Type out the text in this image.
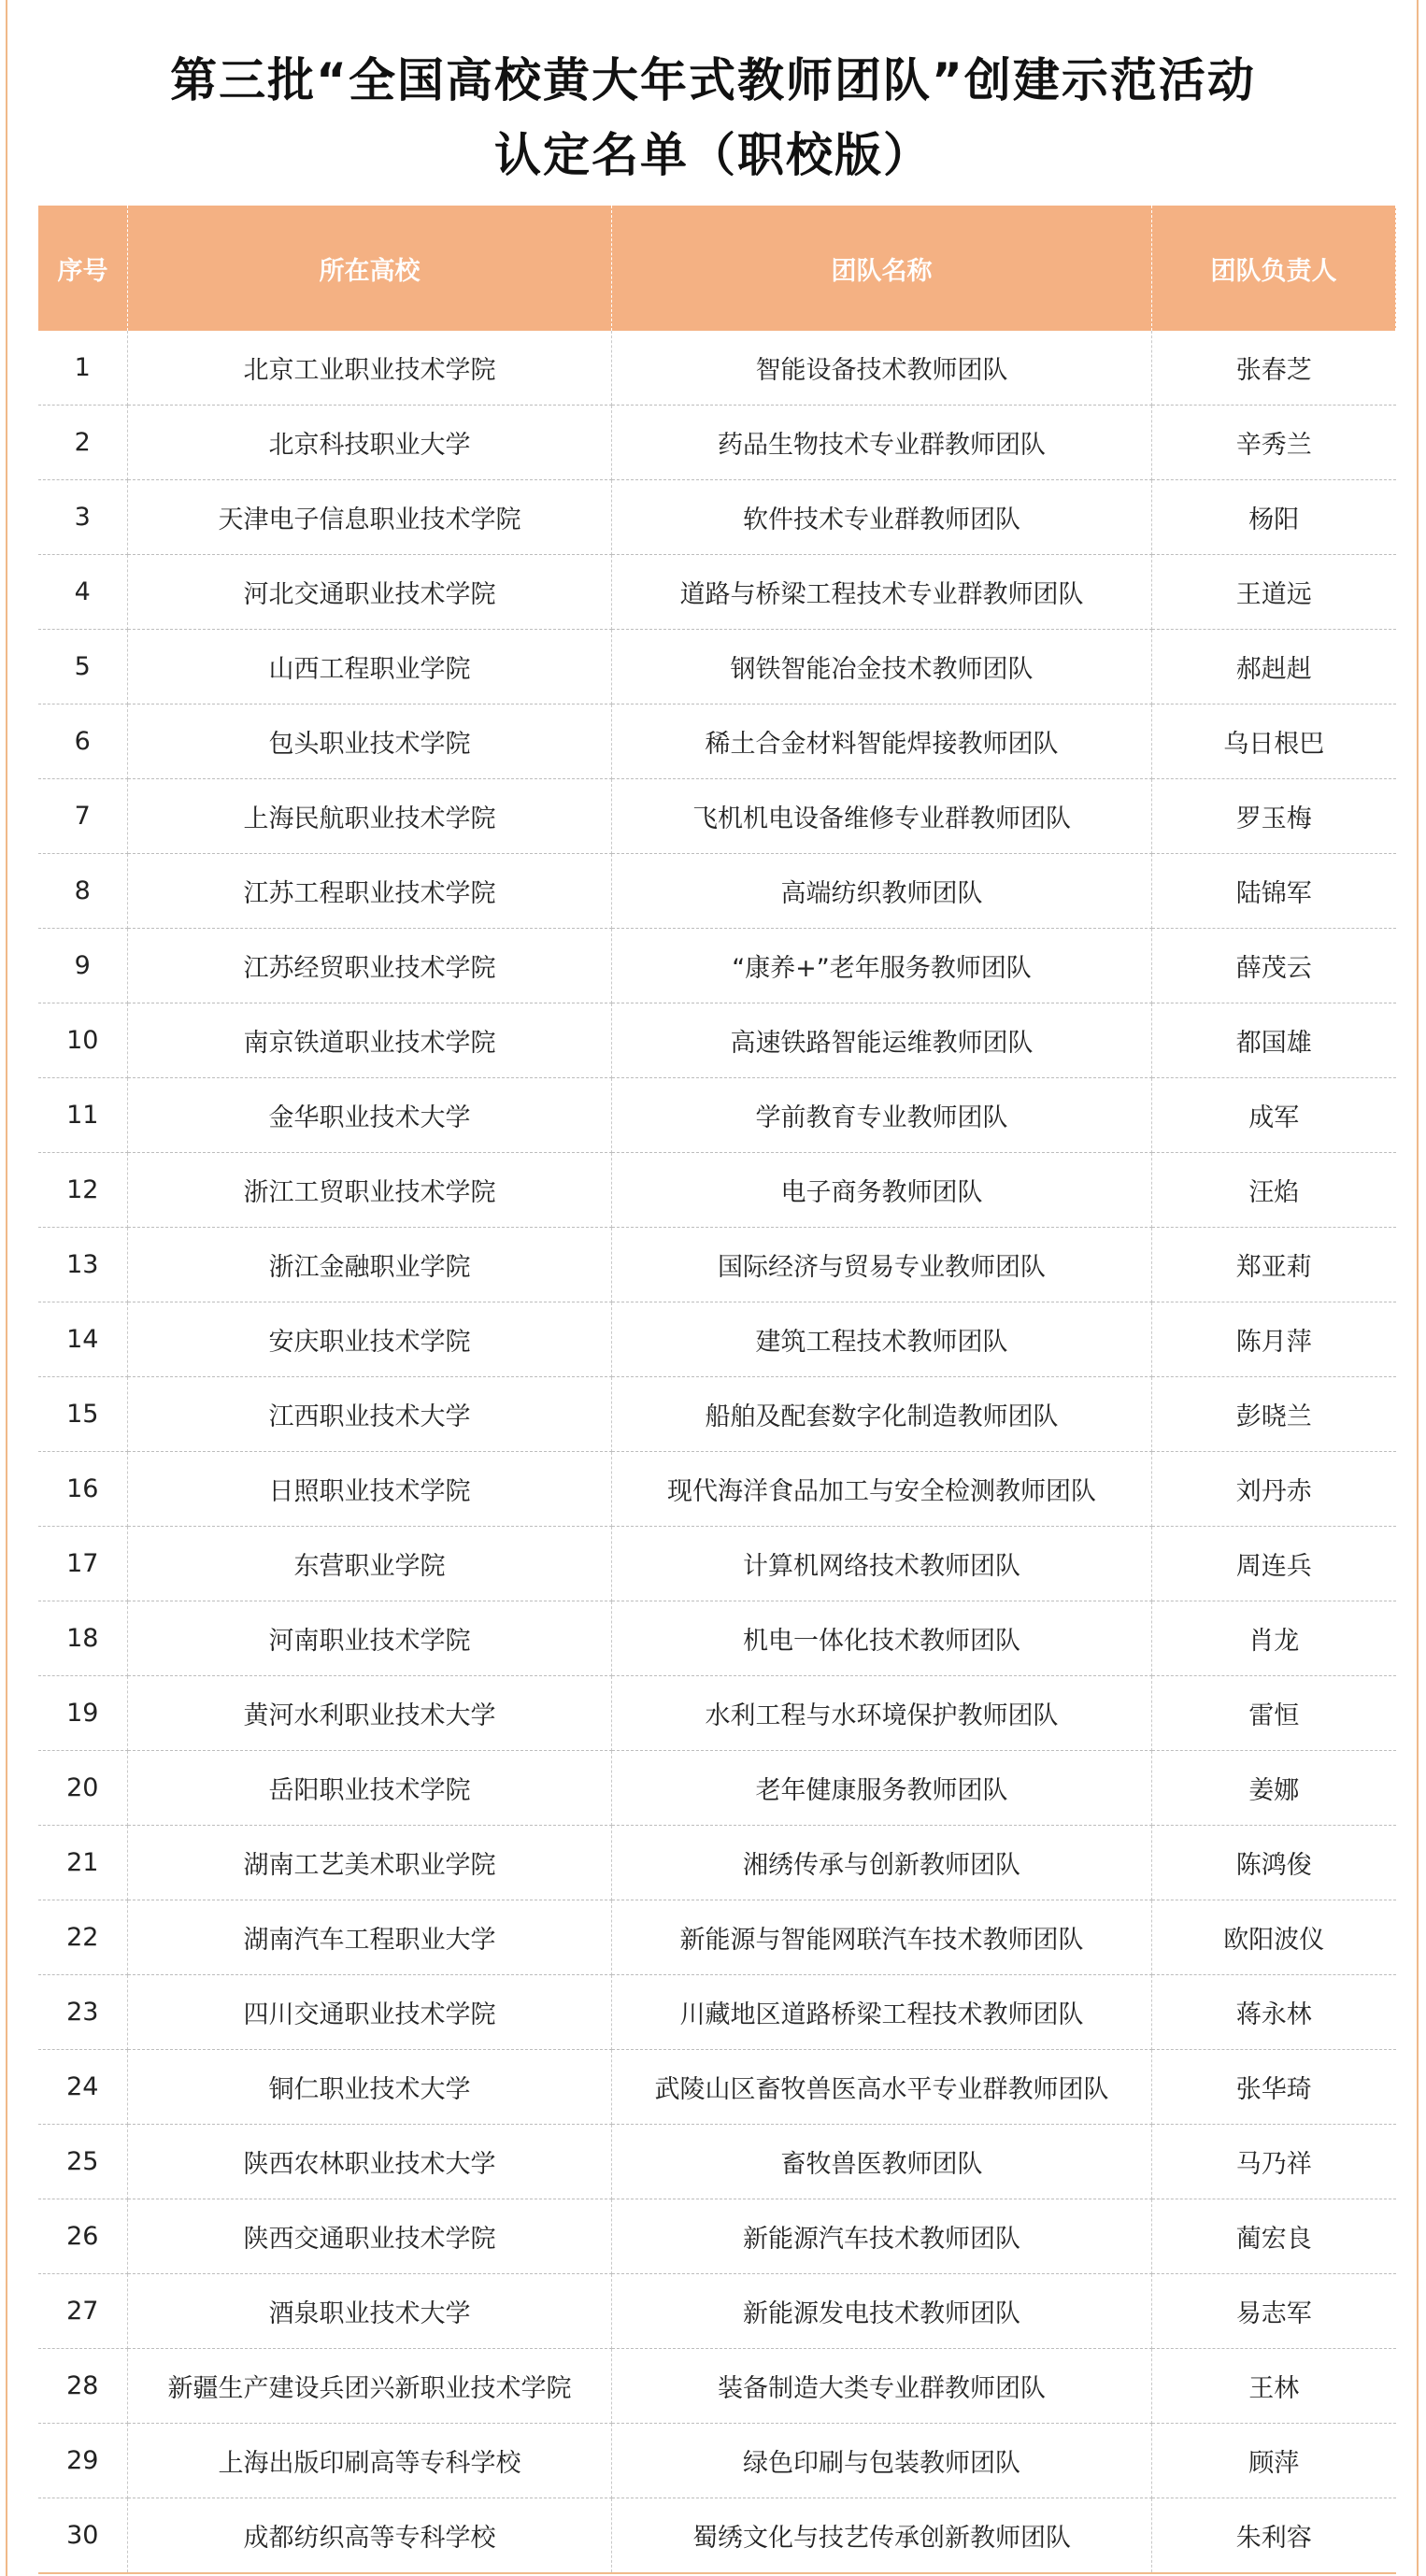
第三批“全国高校黄大年式教师团队”创建示范活动
认定名单（职校版）
序号	所在高校	团队名称	团队负责人
1	北京工业职业技术学院	智能设备技术教师团队	张春芝
2	北京科技职业大学	药品生物技术专业群教师团队	辛秀兰
3	天津电子信息职业技术学院	软件技术专业群教师团队	杨阳
4	河北交通职业技术学院	道路与桥梁工程技术专业群教师团队	王道远
5	山西工程职业学院	钢铁智能冶金技术教师团队	郝赳赳
6	包头职业技术学院	稀土合金材料智能焊接教师团队	乌日根巴
7	上海民航职业技术学院	飞机机电设备维修专业群教师团队	罗玉梅
8	江苏工程职业技术学院	高端纺织教师团队	陆锦军
9	江苏经贸职业技术学院	“康养+”老年服务教师团队	薛茂云
10	南京铁道职业技术学院	高速铁路智能运维教师团队	都国雄
11	金华职业技术大学	学前教育专业教师团队	成军
12	浙江工贸职业技术学院	电子商务教师团队	汪焰
13	浙江金融职业学院	国际经济与贸易专业教师团队	郑亚莉
14	安庆职业技术学院	建筑工程技术教师团队	陈月萍
15	江西职业技术大学	船舶及配套数字化制造教师团队	彭晓兰
16	日照职业技术学院	现代海洋食品加工与安全检测教师团队	刘丹赤
17	东营职业学院	计算机网络技术教师团队	周连兵
18	河南职业技术学院	机电一体化技术教师团队	肖龙
19	黄河水利职业技术大学	水利工程与水环境保护教师团队	雷恒
20	岳阳职业技术学院	老年健康服务教师团队	姜娜
21	湖南工艺美术职业学院	湘绣传承与创新教师团队	陈鸿俊
22	湖南汽车工程职业大学	新能源与智能网联汽车技术教师团队	欧阳波仪
23	四川交通职业技术学院	川藏地区道路桥梁工程技术教师团队	蒋永林
24	铜仁职业技术大学	武陵山区畜牧兽医高水平专业群教师团队	张华琦
25	陕西农林职业技术大学	畜牧兽医教师团队	马乃祥
26	陕西交通职业技术学院	新能源汽车技术教师团队	蔺宏良
27	酒泉职业技术大学	新能源发电技术教师团队	易志军
28	新疆生产建设兵团兴新职业技术学院	装备制造大类专业群教师团队	王林
29	上海出版印刷高等专科学校	绿色印刷与包装教师团队	顾萍
30	成都纺织高等专科学校	蜀绣文化与技艺传承创新教师团队	朱利容
